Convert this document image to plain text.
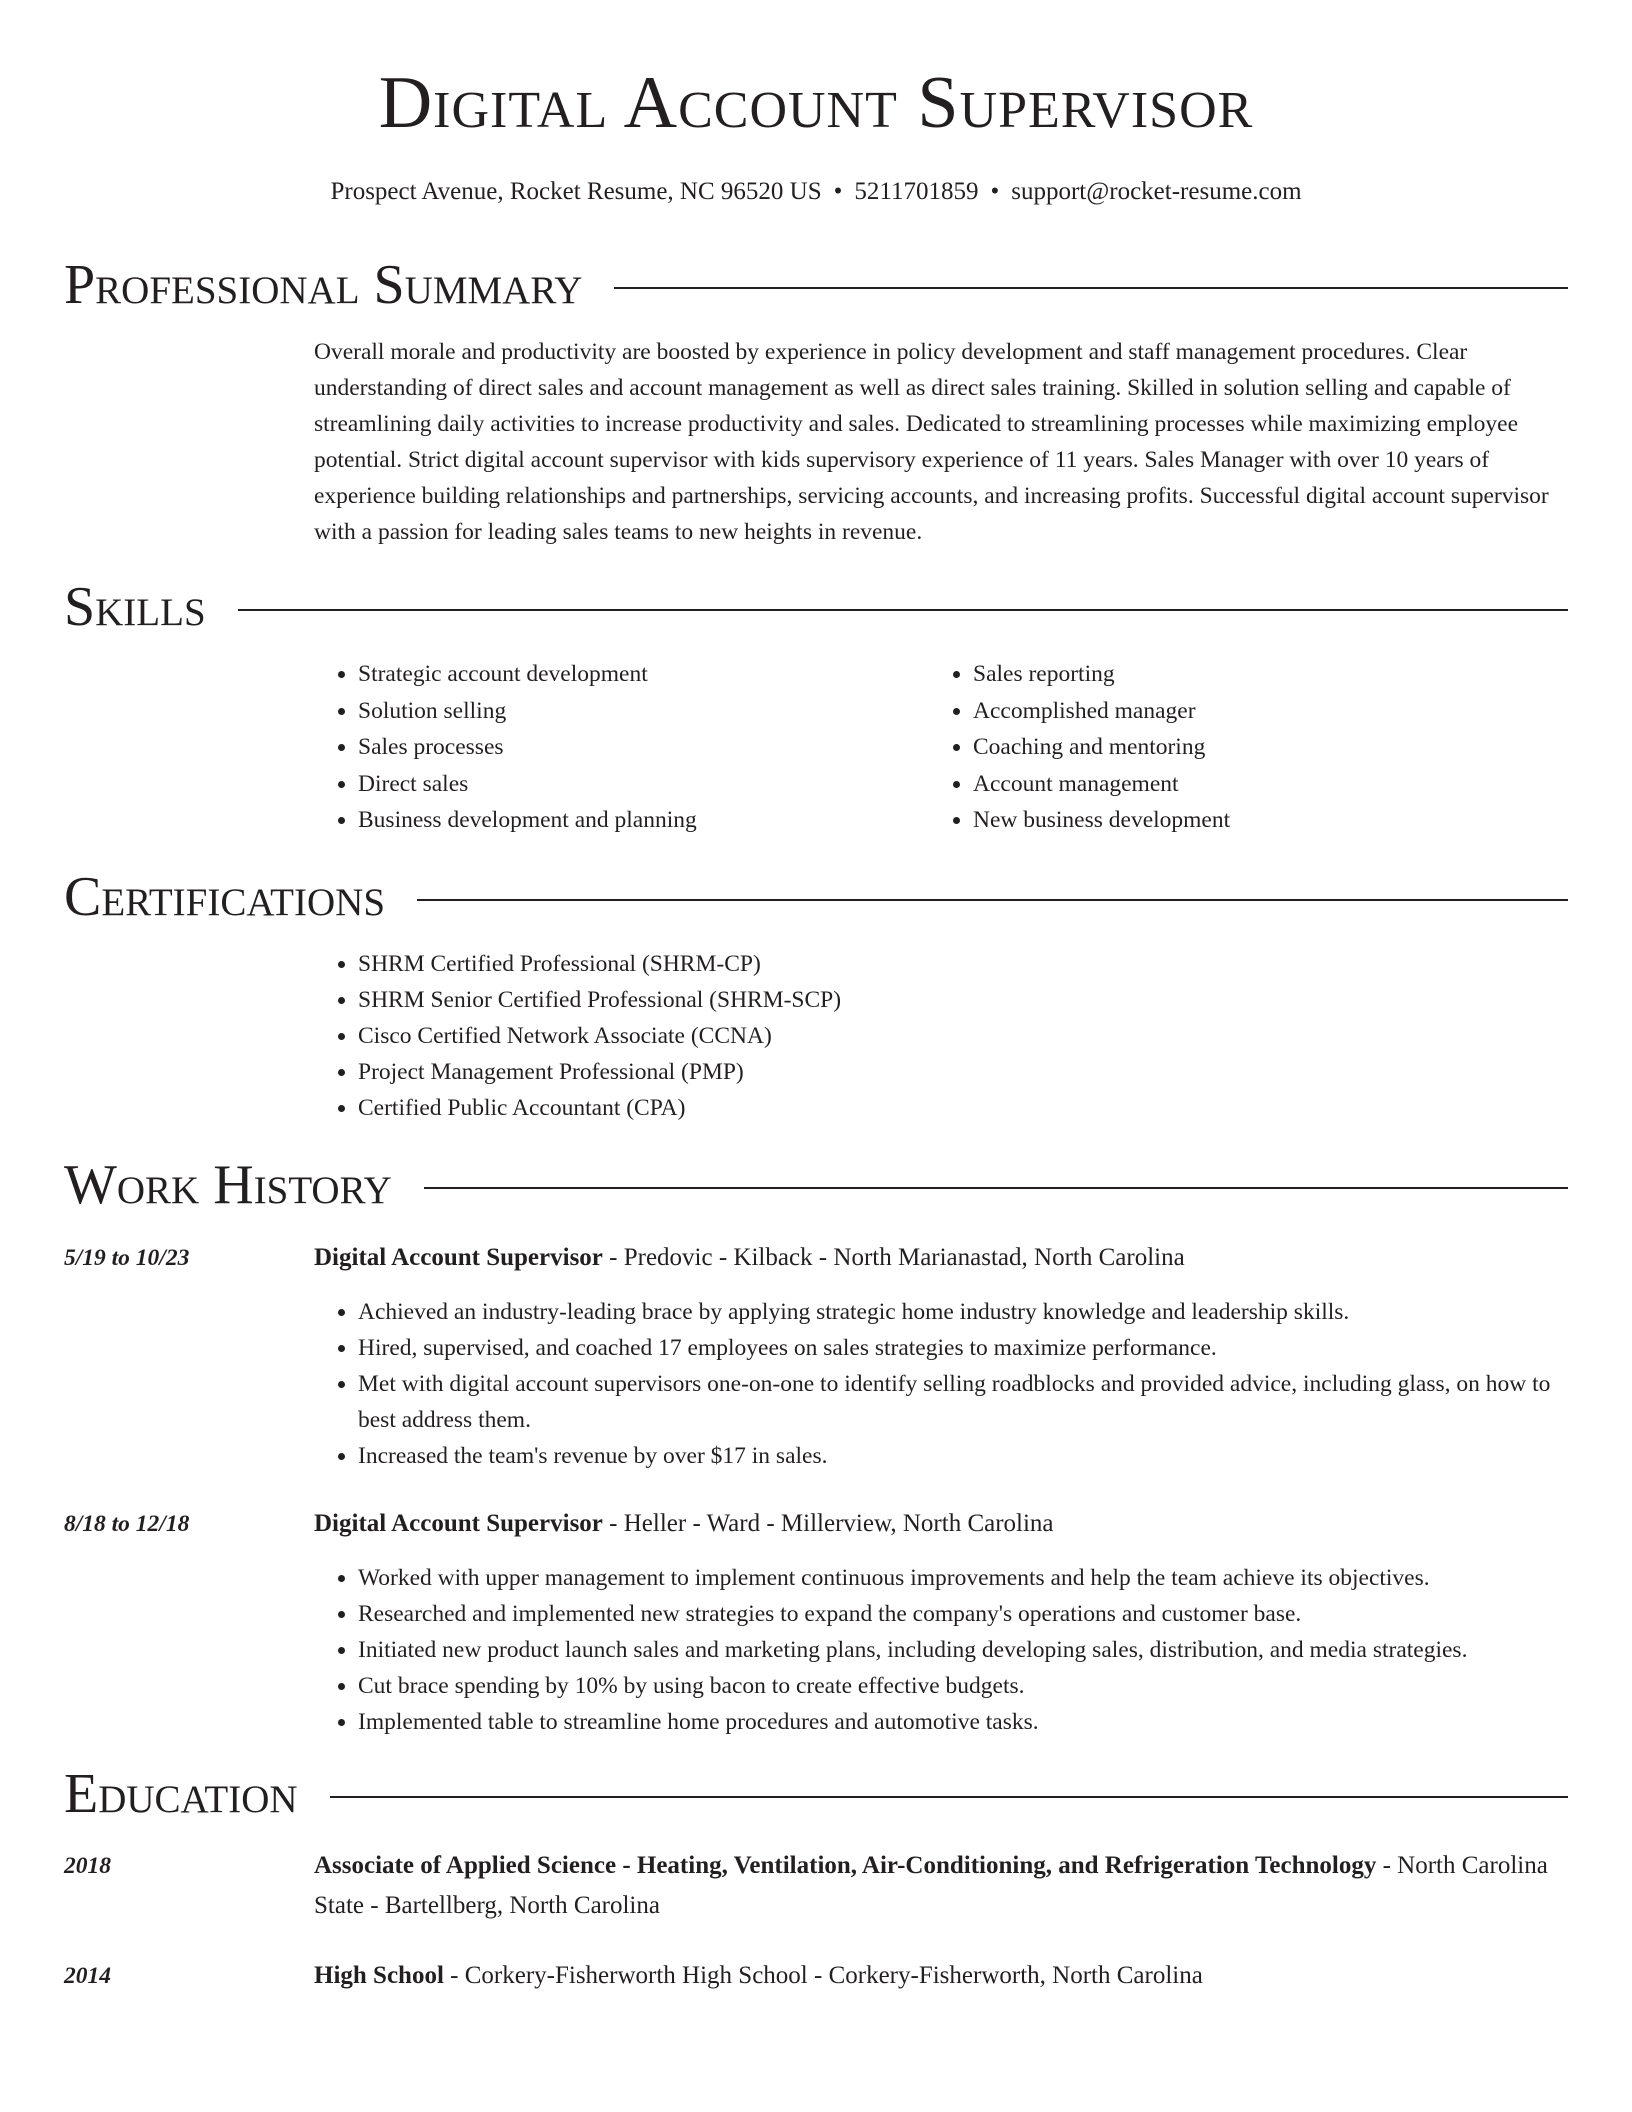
Digital Account Supervisor
Prospect Avenue, Rocket Resume, NC 96520 US • 5211701859 • support@rocket-resume.com
Professional Summary
Overall morale and productivity are boosted by experience in policy development and staff management procedures. Clear understanding of direct sales and account management as well as direct sales training. Skilled in solution selling and capable of streamlining daily activities to increase productivity and sales. Dedicated to streamlining processes while maximizing employee potential. Strict digital account supervisor with kids supervisory experience of 11 years. Sales Manager with over 10 years of experience building relationships and partnerships, servicing accounts, and increasing profits. Successful digital account supervisor with a passion for leading sales teams to new heights in revenue.
Skills
• Strategic account development
• Solution selling
• Sales processes
• Direct sales
• Business development and planning
• Sales reporting
• Accomplished manager
• Coaching and mentoring
• Account management
• New business development
Certifications
• SHRM Certified Professional (SHRM-CP)
• SHRM Senior Certified Professional (SHRM-SCP)
• Cisco Certified Network Associate (CCNA)
• Project Management Professional (PMP)
• Certified Public Accountant (CPA)
Work History
5/19 to 10/23	Digital Account Supervisor - Predovic - Kilback - North Marianastad, North Carolina
• Achieved an industry-leading brace by applying strategic home industry knowledge and leadership skills.
• Hired, supervised, and coached 17 employees on sales strategies to maximize performance.
• Met with digital account supervisors one-on-one to identify selling roadblocks and provided advice, including glass, on how to best address them.
• Increased the team's revenue by over $17 in sales.
8/18 to 12/18	Digital Account Supervisor - Heller - Ward - Millerview, North Carolina
• Worked with upper management to implement continuous improvements and help the team achieve its objectives.
• Researched and implemented new strategies to expand the company's operations and customer base.
• Initiated new product launch sales and marketing plans, including developing sales, distribution, and media strategies.
• Cut brace spending by 10% by using bacon to create effective budgets.
• Implemented table to streamline home procedures and automotive tasks.
Education
2018	Associate of Applied Science - Heating, Ventilation, Air-Conditioning, and Refrigeration Technology - North Carolina State - Bartellberg, North Carolina
2014	High School - Corkery-Fisherworth High School - Corkery-Fisherworth, North Carolina
